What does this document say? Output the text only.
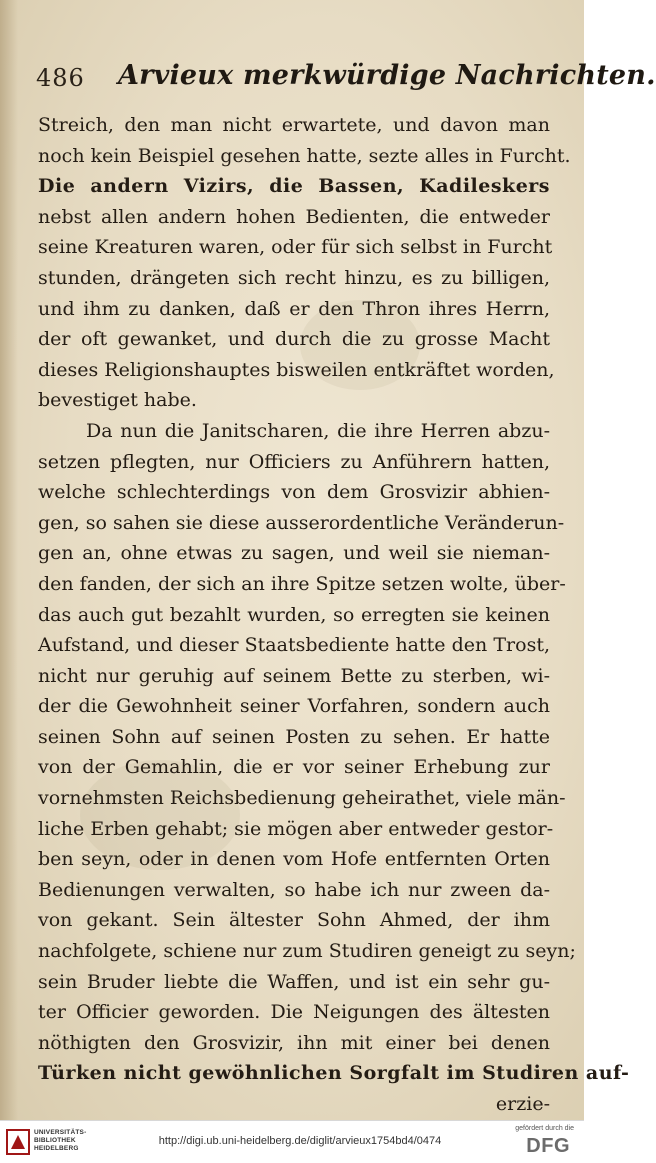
486 Arvieux merkwürdige Nachrichten.
Streich, den man nicht erwartete, und davon man
noch kein Beispiel gesehen hatte, sezte alles in Furcht.
Die andern Vizirs, die Bassen, Kadileskers
nebst allen andern hohen Bedienten, die entweder
seine Kreaturen waren, oder für sich selbst in Furcht
stunden, drängeten sich recht hinzu, es zu billigen,
und ihm zu danken, daß er den Thron ihres Herrn,
der oft gewanket, und durch die zu grosse Macht
dieses Religionshauptes bisweilen entkräftet worden,
bevestiget habe.
Da nun die Janitscharen, die ihre Herren abzu-
setzen pflegten, nur Officiers zu Anführern hatten,
welche schlechterdings von dem Grosvizir abhien-
gen, so sahen sie diese ausserordentliche Veränderun-
gen an, ohne etwas zu sagen, und weil sie nieman-
den fanden, der sich an ihre Spitze setzen wolte, über-
das auch gut bezahlt wurden, so erregten sie keinen
Aufstand, und dieser Staatsbediente hatte den Trost,
nicht nur geruhig auf seinem Bette zu sterben, wi-
der die Gewohnheit seiner Vorfahren, sondern auch
seinen Sohn auf seinen Posten zu sehen. Er hatte
von der Gemahlin, die er vor seiner Erhebung zur
vornehmsten Reichsbedienung geheirathet, viele män-
liche Erben gehabt; sie mögen aber entweder gestor-
ben seyn, oder in denen vom Hofe entfernten Orten
Bedienungen verwalten, so habe ich nur zween da-
von gekant. Sein ältester Sohn Ahmed, der ihm
nachfolgete, schiene nur zum Studiren geneigt zu seyn;
sein Bruder liebte die Waffen, und ist ein sehr gu-
ter Officier geworden. Die Neigungen des ältesten
nöthigten den Grosvizir, ihn mit einer bei denen
Türken nicht gewöhnlichen Sorgfalt im Studiren auf-
erzie-
UNIVERSITÄTS-
BIBLIOTHEK
HEIDELBERG
http://digi.ub.uni-heidelberg.de/diglit/arvieux1754bd4/0474
gefördert durch die
DFG
